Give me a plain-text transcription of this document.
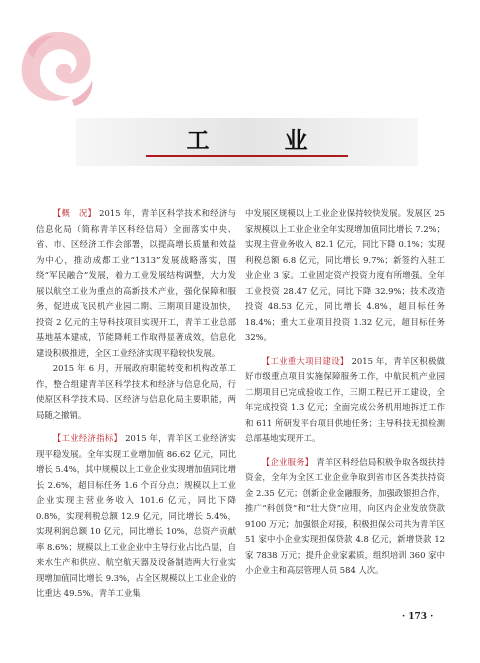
工　业

【概　况】 2015 年，青羊区科学技术和经济与信息化局（简称青羊区科经信局）全面落实中央、省、市、区经济工作会部署，以提高增长质量和效益为中心，推动成都工业“1313”发展战略落实，围绕“军民融合”发展，着力工业发展结构调整，大力发展以航空工业为重点的高新技术产业，强化保障和服务，促进成飞民机产业园二期、三期项目建设加快，投资 2 亿元的主导科技项目实现开工，青羊工业总部基地基本建成，节能降耗工作取得显著成效，信息化建设积极推进，全区工业经济实现平稳较快发展。

2015 年 6 月，开展政府职能转变和机构改革工作，整合组建青羊区科学技术和经济与信息化局，行使原区科学技术局、区经济与信息化局主要职能，两局随之撤销。

【工业经济指标】 2015 年，青羊区工业经济实现平稳发展。全年实现工业增加值 86.62 亿元，同比增长 5.4%，其中规模以上工业企业实现增加值同比增长 2.6%，超目标任务 1.6 个百分点；规模以上工业企业实现主营业务收入 101.6 亿元，同比下降 0.8%，实现利税总额 12.9 亿元，同比增长 5.4%，实现利润总额 10 亿元，同比增长 10%，总资产贡献率 8.6%；规模以上工业企业中主导行业占比凸显，自来水生产和供应、航空航天器及设备制造两大行业实现增加值同比增长 9.3%，占全区规模以上工业企业的比重达 49.5%。青羊工业集

中发展区规模以上工业企业保持较快发展。发展区 25 家规模以上工业企业全年实现增加值同比增长 7.2%；实现主营业务收入 82.1 亿元，同比下降 0.1%；实现利税总额 6.8 亿元，同比增长 9.7%；新签约入驻工业企业 3 家。工业固定资产投资力度有所增强。全年工业投资 28.47 亿元，同比下降 32.9%；技术改造投资 48.53 亿元，同比增长 4.8%，超目标任务 18.4%；重大工业项目投资 1.32 亿元，超目标任务 32%。

【工业重大项目建设】 2015 年，青羊区积极做好市级重点项目实施保障服务工作，中航民机产业园二期项目已完成验收工作，三期工程已开工建设，全年完成投资 1.3 亿元；全面完成公务机用地拆迁工作和 611 所研发平台项目供地任务；主导科技无损检测总部基地实现开工。

【企业服务】 青羊区科经信局积极争取各级扶持资金，全年为全区工业企业争取到省市区各类扶持资金 2.35 亿元；创新企业金融服务，加强政银担合作，推广“科创贷”和“壮大贷”应用，向区内企业发放贷款 9100 万元；加强银企对接，积极担保公司共为青羊区 51 家中小企业实现担保贷款 4.8 亿元，新增贷款 12 家 7838 万元；提升企业家素质，组织培训 360 家中小企业主和高层管理人员 584 人次。

· 173 ·
